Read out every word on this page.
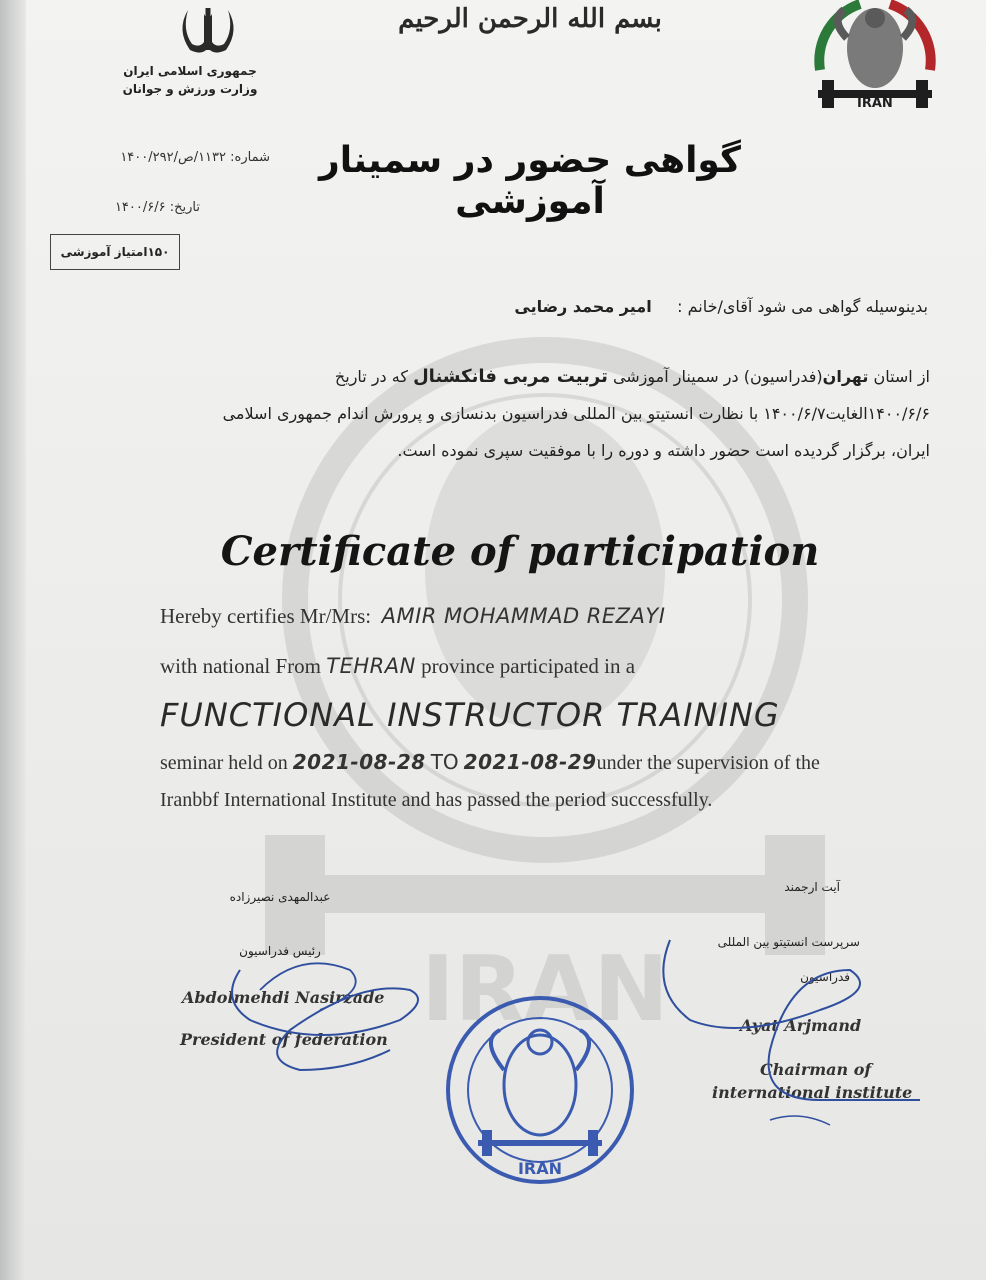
IRAN
جمهوری اسلامی ایران
وزارت ورزش و جوانان
بسم الله الرحمن الرحیم
IRAN
شماره: ۱۱۳۲/ص/۱۴۰۰/۲۹۲
تاریخ: ۱۴۰۰/۶/۶
۱۵۰امتیاز آموزشی
گواهی حضور در سمینار آموزشی
بدینوسیله گواهی می شود آقای/خانم :     امیر محمد رضایی
از استان تهران(فدراسیون) در سمینار آموزشی تربیت مربی فانکشنال که در تاریخ
۱۴۰۰/۶/۶الغایت۱۴۰۰/۶/۷ با نظارت انستیتو بین المللی فدراسیون بدنسازی و پرورش اندام جمهوری اسلامی
ایران، برگزار گردیده است حضور داشته و دوره را با موفقیت سپری نموده است.
Certificate of participation
Hereby certifies Mr/Mrs: AMIR MOHAMMAD REZAYI
with national From TEHRAN province participated in a
FUNCTIONAL INSTRUCTOR TRAINING
seminar held on 2021-08-28 TO 2021-08-29under the supervision of the
Iranbbf International Institute and has passed the period successfully.
عبدالمهدی نصیرزاده
رئیس فدراسیون
Abdolmehdi Nasirzade
President of federation
آیت ارجمند
سرپرست انستیتو بین المللی
فدراسیون
Ayat Arjmand
Chairman of
international institute
IRAN
